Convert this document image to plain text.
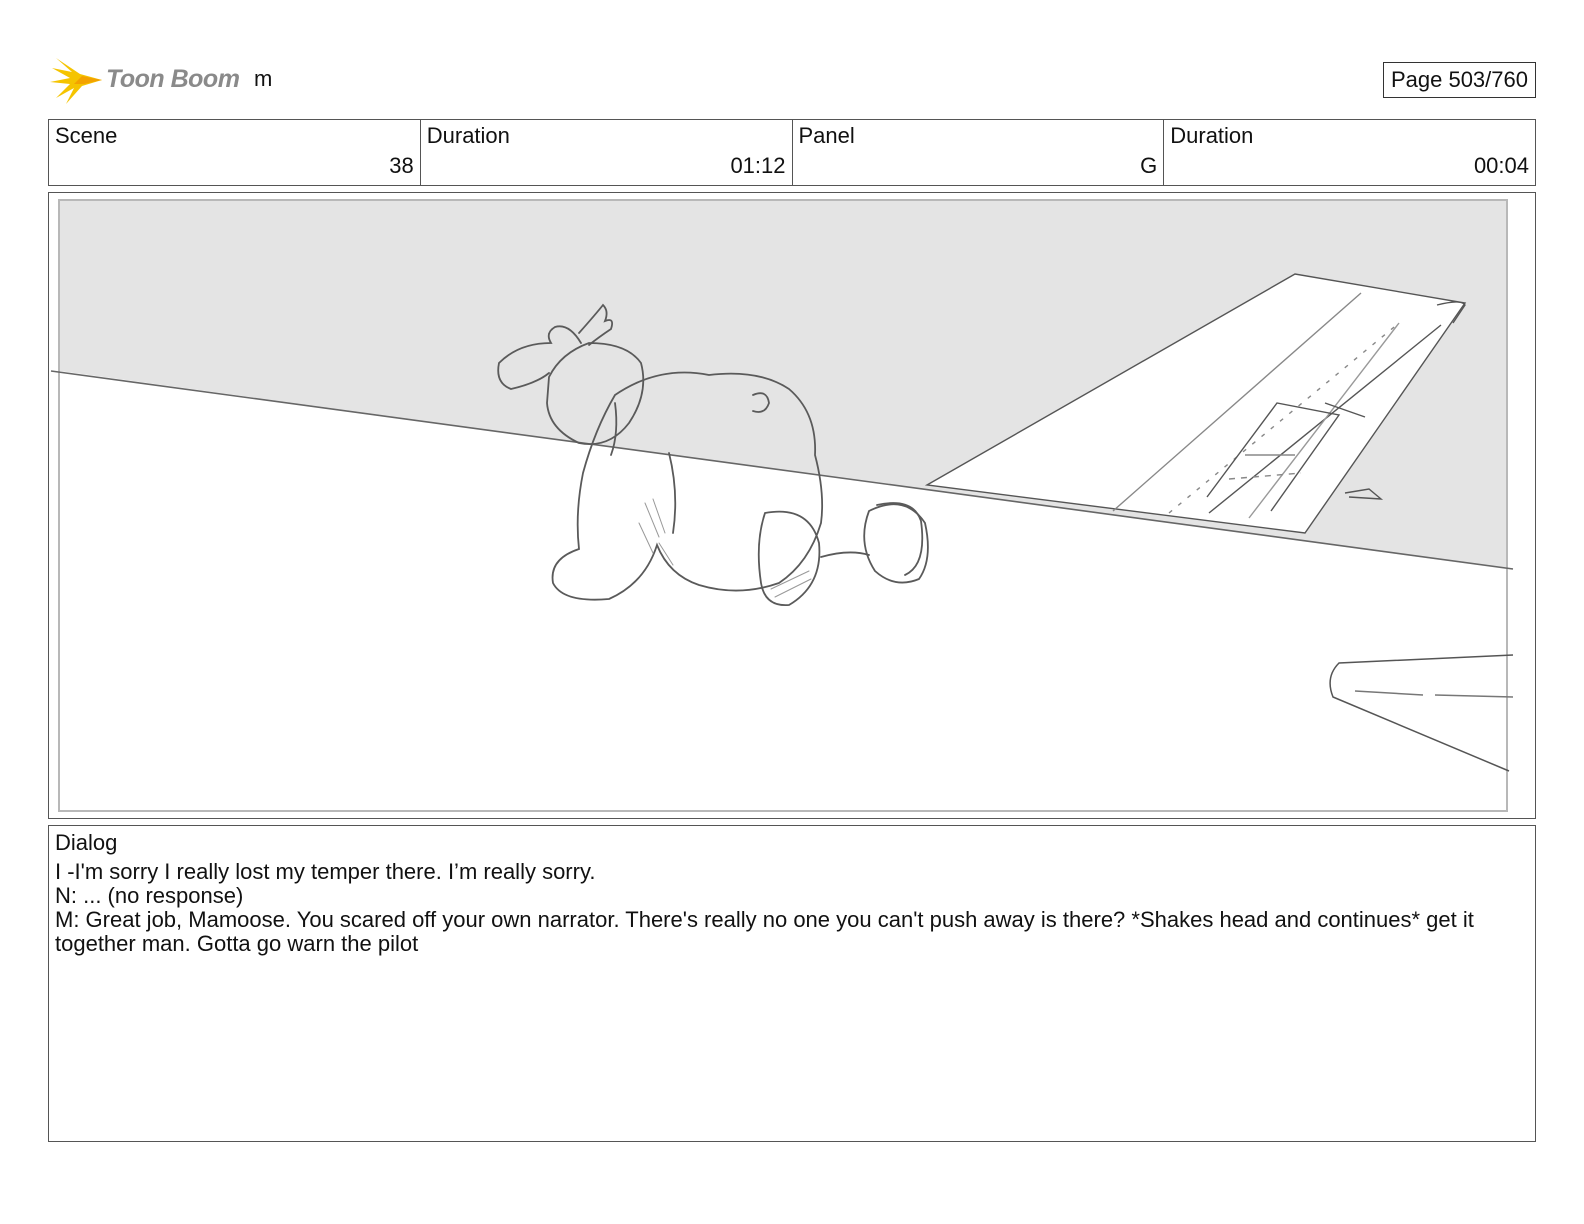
Toon Boom m	Page 503/760
Scene
38
Duration
01:12
Panel
G
Duration
00:04
Dialog
I -I'm sorry I really lost my temper there. I’m really sorry.
N: ... (no response)
M: Great job, Mamoose. You scared off your own narrator. There's really no one you can't push away is there? *Shakes head and continues* get it together man. Gotta go warn the pilot
